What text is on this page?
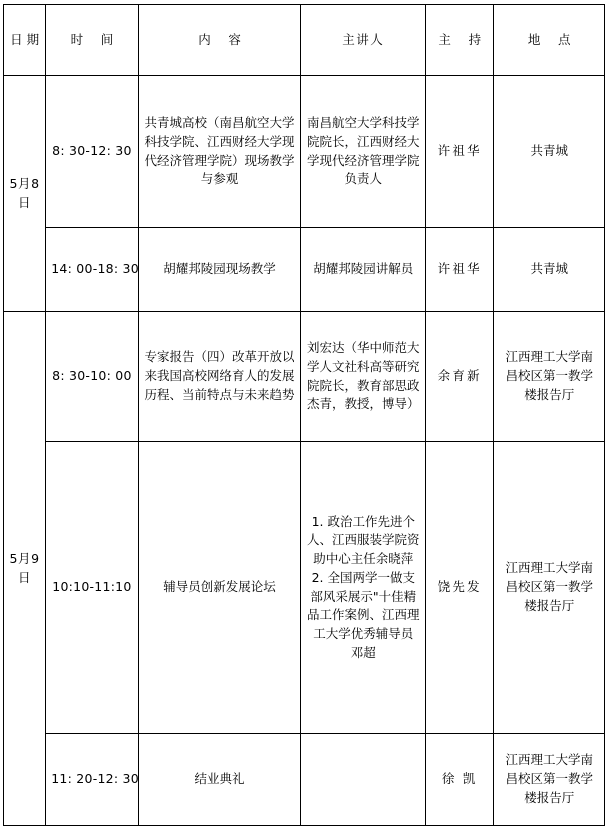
日 期	时 间	内 容	主讲人	主 持	地 点
5月8日	8: 30-12: 30	共青城高校（南昌航空大学科技学院、江西财经大学现代经济管理学院）现场教学与参观	南昌航空大学科技学院院长，江西财经大学现代经济管理学院负责人	许祖华	共青城
	14: 00-18: 30	胡耀邦陵园现场教学	胡耀邦陵园讲解员	许祖华	共青城
5月9日	8: 30-10: 00	专家报告（四）改革开放以来我国高校网络育人的发展历程、当前特点与未来趋势	刘宏达（华中师范大学人文社科高等研究院院长，教育部思政杰青，教授，博导）	余育新	江西理工大学南昌校区第一教学楼报告厅
	10:10-11:10	辅导员创新发展论坛	1. 政治工作先进个人、江西服装学院资助中心主任余晓萍 2. 全国两学一做支部风采展示"十佳精品工作案例、江西理工大学优秀辅导员 邓超	饶先发	江西理工大学南昌校区第一教学楼报告厅
	11: 20-12: 30	结业典礼		徐 凯	江西理工大学南昌校区第一教学楼报告厅
